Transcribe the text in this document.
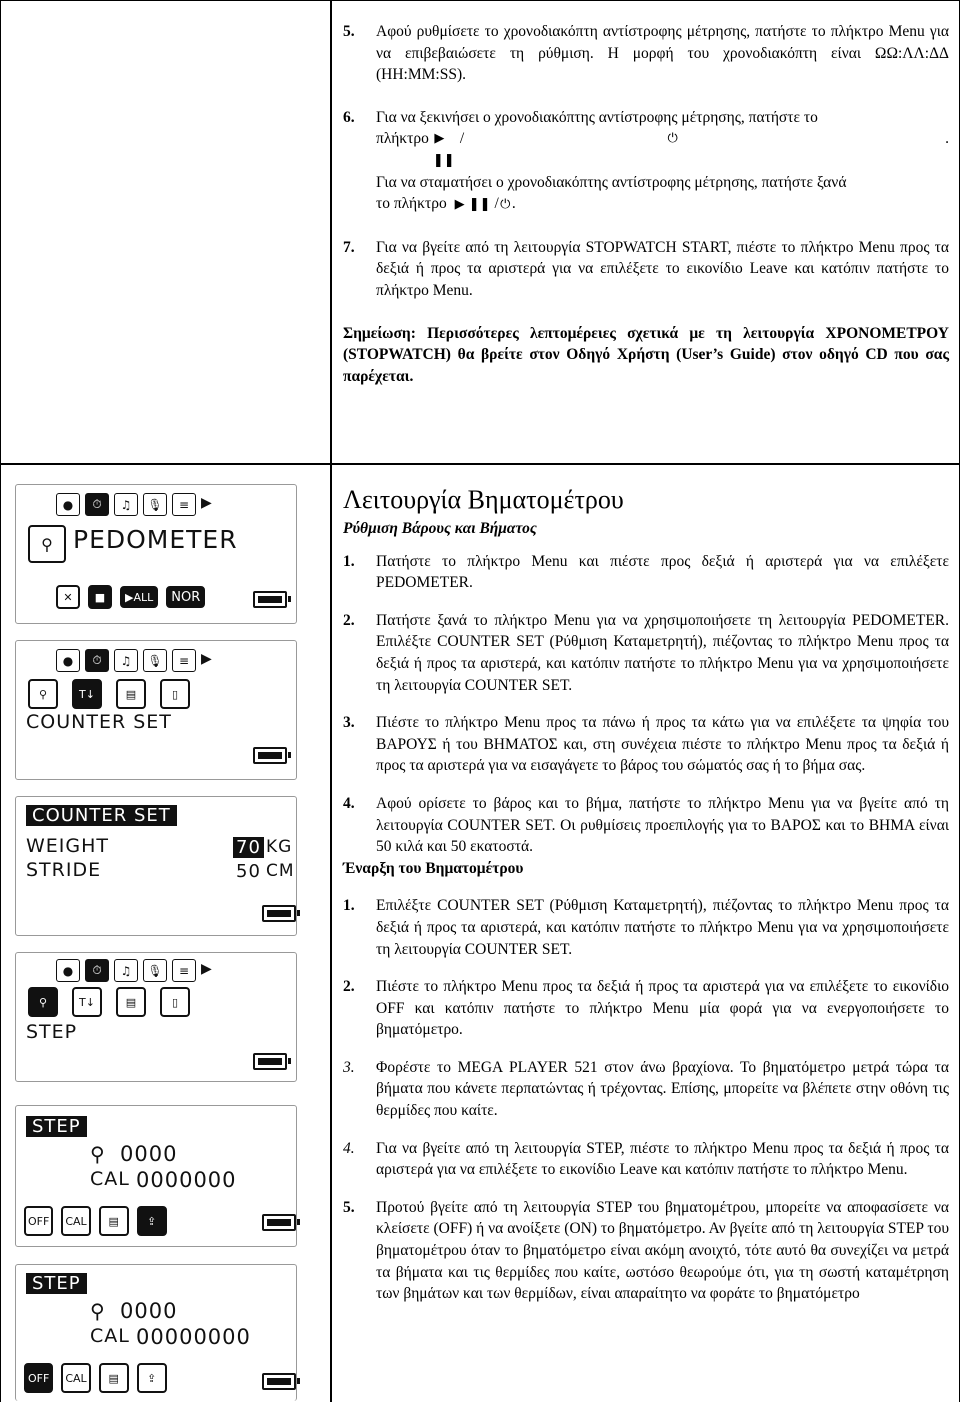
5. Αφού ρυθμίσετε το χρονοδιακόπτη αντίστροφης μέτρησης, πατήστε το πλήκτρο Menu για να επιβεβαιώσετε τη ρύθμιση. Η μορφή του χρονοδιακόπτη είναι ΩΩ:ΛΛ:ΔΔ (HH:MM:SS).
6. Για να ξεκινήσει ο χρονοδιακόπτης αντίστροφης μέτρησης, πατήστε το
πλήκτρο ▶ ❚❚
/	⏻	.
Για να σταματήσει ο χρονοδιακόπτης αντίστροφης μέτρησης, πατήστε ξανά
το πλήκτρο ▶ ❚❚ /⏻.
7. Για να βγείτε από τη λειτουργία STOPWATCH START, πιέστε το πλήκτρο Menu προς τα δεξιά ή προς τα αριστερά για να επιλέξετε το εικονίδιο Leave και κατόπιν πατήστε το πλήκτρο Menu.

Σημείωση: Περισσότερες λεπτομέρειες σχετικά με τη λειτουργία ΧΡΟΝΟΜΕΤΡΟΥ (STOPWATCH) θα βρείτε στον Οδηγό Χρήστη (User’s Guide) στον οδηγό CD που σας παρέχεται.

●	⏱	♫	🎙	≡ ▶
⚲ PEDOMETER
✕	■	▶ALL	NOR
●	⏱	♫	🎙	≡ ▶
⚲	T↓	▤	▯
COUNTER SET
COUNTER SET
WEIGHT	70 KG
STRIDE	50 CM
●	⏱	♫	🎙	≡ ▶
⚲	T↓	▤	▯
STEP
STEP
⚲ 0000
CAL 0000000
OFF	CAL	▤	⇪
STEP
⚲ 0000
CAL 00000000
OFF	CAL	▤	⇪
Λειτουργία Βηματομέτρου
Ρύθμιση Βάρους και Βήματος
1. Πατήστε το πλήκτρο Menu και πιέστε προς δεξιά ή αριστερά για να επιλέξετε PEDOMETER.
2. Πατήστε ξανά το πλήκτρο Menu για να χρησιμοποιήσετε τη λειτουργία PEDOMETER. Επιλέξτε COUNTER SET (Ρύθμιση Καταμετρητή), πιέζοντας το πλήκτρο Menu προς τα δεξιά ή προς τα αριστερά, και κατόπιν πατήστε το πλήκτρο Menu για να χρησιμοποιήσετε τη λειτουργία COUNTER SET.
3. Πιέστε το πλήκτρο Menu προς τα πάνω ή προς τα κάτω για να επιλέξετε τα ψηφία του ΒΑΡΟΥΣ ή του ΒΗΜΑΤΟΣ και, στη συνέχεια πιέστε το πλήκτρο Menu προς τα δεξιά ή προς τα αριστερά για να εισαγάγετε το βάρος του σώματός σας ή το βήμα σας.
4. Αφού ορίσετε το βάρος και το βήμα, πατήστε το πλήκτρο Menu για να βγείτε από τη λειτουργία COUNTER SET. Οι ρυθμίσεις προεπιλογής για το ΒΑΡΟΣ και το ΒΗΜΑ είναι 50 κιλά και 50 εκατοστά.
Έναρξη του Βηματομέτρου
1. Επιλέξτε COUNTER SET (Ρύθμιση Καταμετρητή), πιέζοντας το πλήκτρο Menu προς τα δεξιά ή προς τα αριστερά, και κατόπιν πατήστε το πλήκτρο Menu για να χρησιμοποιήσετε τη λειτουργία COUNTER SET.
2. Πιέστε το πλήκτρο Menu προς τα δεξιά ή προς τα αριστερά για να επιλέξετε το εικονίδιο OFF και κατόπιν πατήστε το πλήκτρο Menu μία φορά για να ενεργοποιήσετε το βηματόμετρο.
3. Φορέστε το MEGA PLAYER 521 στον άνω βραχίονα. Το βηματόμετρο μετρά τώρα τα βήματα που κάνετε περπατώντας ή τρέχοντας. Επίσης, μπορείτε να βλέπετε στην οθόνη τις θερμίδες που καίτε.
4. Για να βγείτε από τη λειτουργία STEP, πιέστε το πλήκτρο Menu προς τα δεξιά ή προς τα αριστερά για να επιλέξετε το εικονίδιο Leave και κατόπιν πατήστε το πλήκτρο Menu.
5. Προτού βγείτε από τη λειτουργία STEP του βηματομέτρου, μπορείτε να αποφασίσετε να κλείσετε (OFF) ή να ανοίξετε (ON) το βηματόμετρο. Αν βγείτε από τη λειτουργία STEP του βηματομέτρου όταν το βηματόμετρο είναι ακόμη ανοιχτό, τότε αυτό θα συνεχίζει να μετρά τα βήματα και τις θερμίδες που καίτε, ωστόσο θεωρούμε ότι, για τη σωστή καταμέτρηση των βημάτων και των θερμίδων, είναι απαραίτητο να φοράτε το βηματόμετρο
